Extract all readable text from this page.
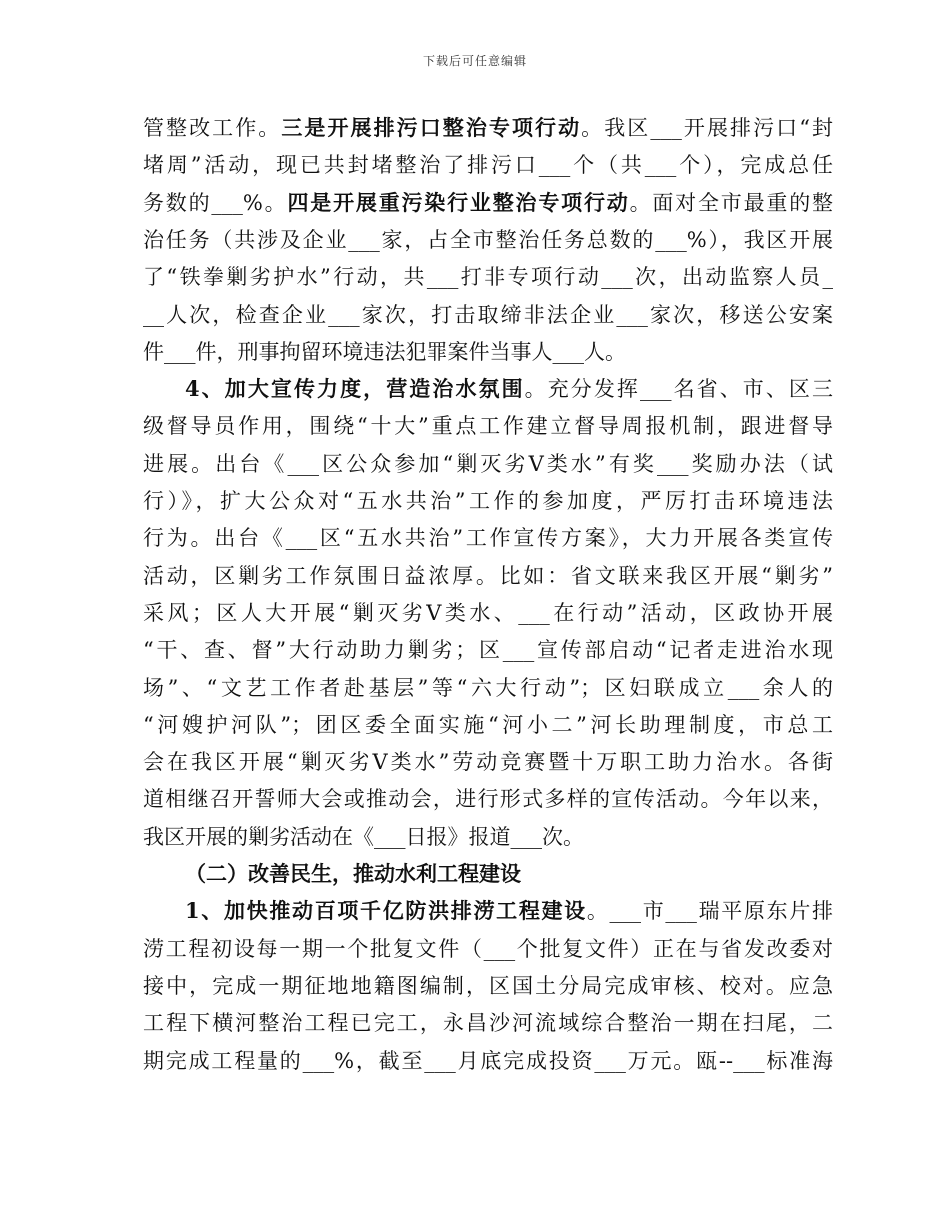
下载后可任意编辑
管整改工作。三是开展排污口整治专项行动。我区___开展排污口“封
堵周”活动，现已共封堵整治了排污口___个（共___个），完成总任
务数的___%。四是开展重污染行业整治专项行动。面对全市最重的整
治任务（共涉及企业___家，占全市整治任务总数的___%），我区开展
了“铁拳剿劣护水”行动，共___打非专项行动___次，出动监察人员_
__人次，检查企业___家次，打击取缔非法企业___家次，移送公安案
件___件，刑事拘留环境违法犯罪案件当事人___人。
4、加大宣传力度，营造治水氛围。充分发挥___名省、市、区三
级督导员作用，围绕“十大”重点工作建立督导周报机制，跟进督导
进展。出台《___区公众参加“剿灭劣Ⅴ类水”有奖___奖励办法（试
行）》，扩大公众对“五水共治”工作的参加度，严厉打击环境违法
行为。出台《___区“五水共治”工作宣传方案》，大力开展各类宣传
活动，区剿劣工作氛围日益浓厚。比如：省文联来我区开展“剿劣”
采风；区人大开展“剿灭劣Ⅴ类水、___在行动”活动，区政协开展
“干、查、督”大行动助力剿劣；区___宣传部启动“记者走进治水现
场”、“文艺工作者赴基层”等“六大行动”；区妇联成立___余人的
“河嫂护河队”；团区委全面实施“河小二”河长助理制度，市总工
会在我区开展“剿灭劣Ⅴ类水”劳动竞赛暨十万职工助力治水。各街
道相继召开誓师大会或推动会，进行形式多样的宣传活动。今年以来，
我区开展的剿劣活动在《___日报》报道___次。
（二）改善民生，推动水利工程建设
1、加快推动百项千亿防洪排涝工程建设。___市___瑞平原东片排
涝工程初设每一期一个批复文件（___个批复文件）正在与省发改委对
接中，完成一期征地地籍图编制，区国土分局完成审核、校对。应急
工程下横河整治工程已完工，永昌沙河流域综合整治一期在扫尾，二
期完成工程量的___%，截至___月底完成投资___万元。瓯--___标准海
